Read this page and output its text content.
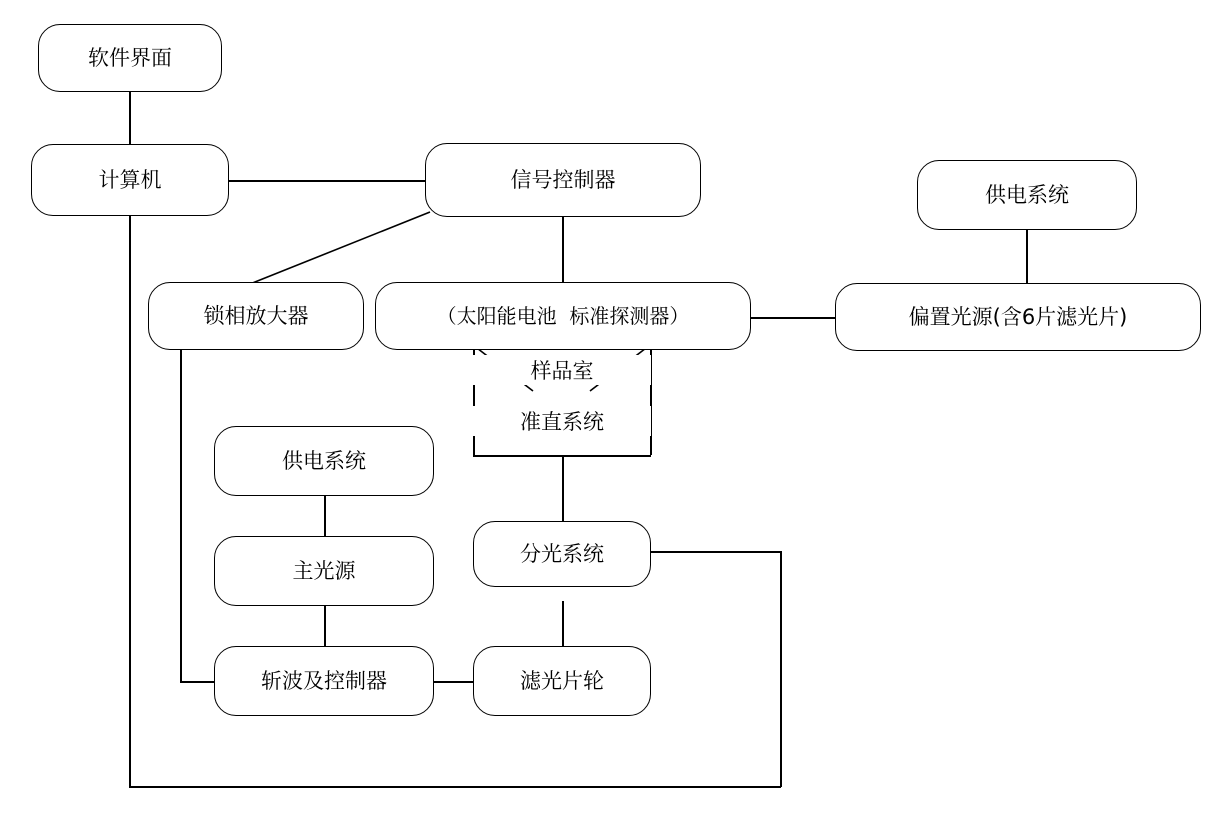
软件界面
计算机	信号控制器
供电系统
锁相放大器	（太阳能电池  标准探测器）
样品室
准直系统
偏置光源(含6片滤光片)
供电系统
主光源
斩波及控制器
分光系统
滤光片轮
